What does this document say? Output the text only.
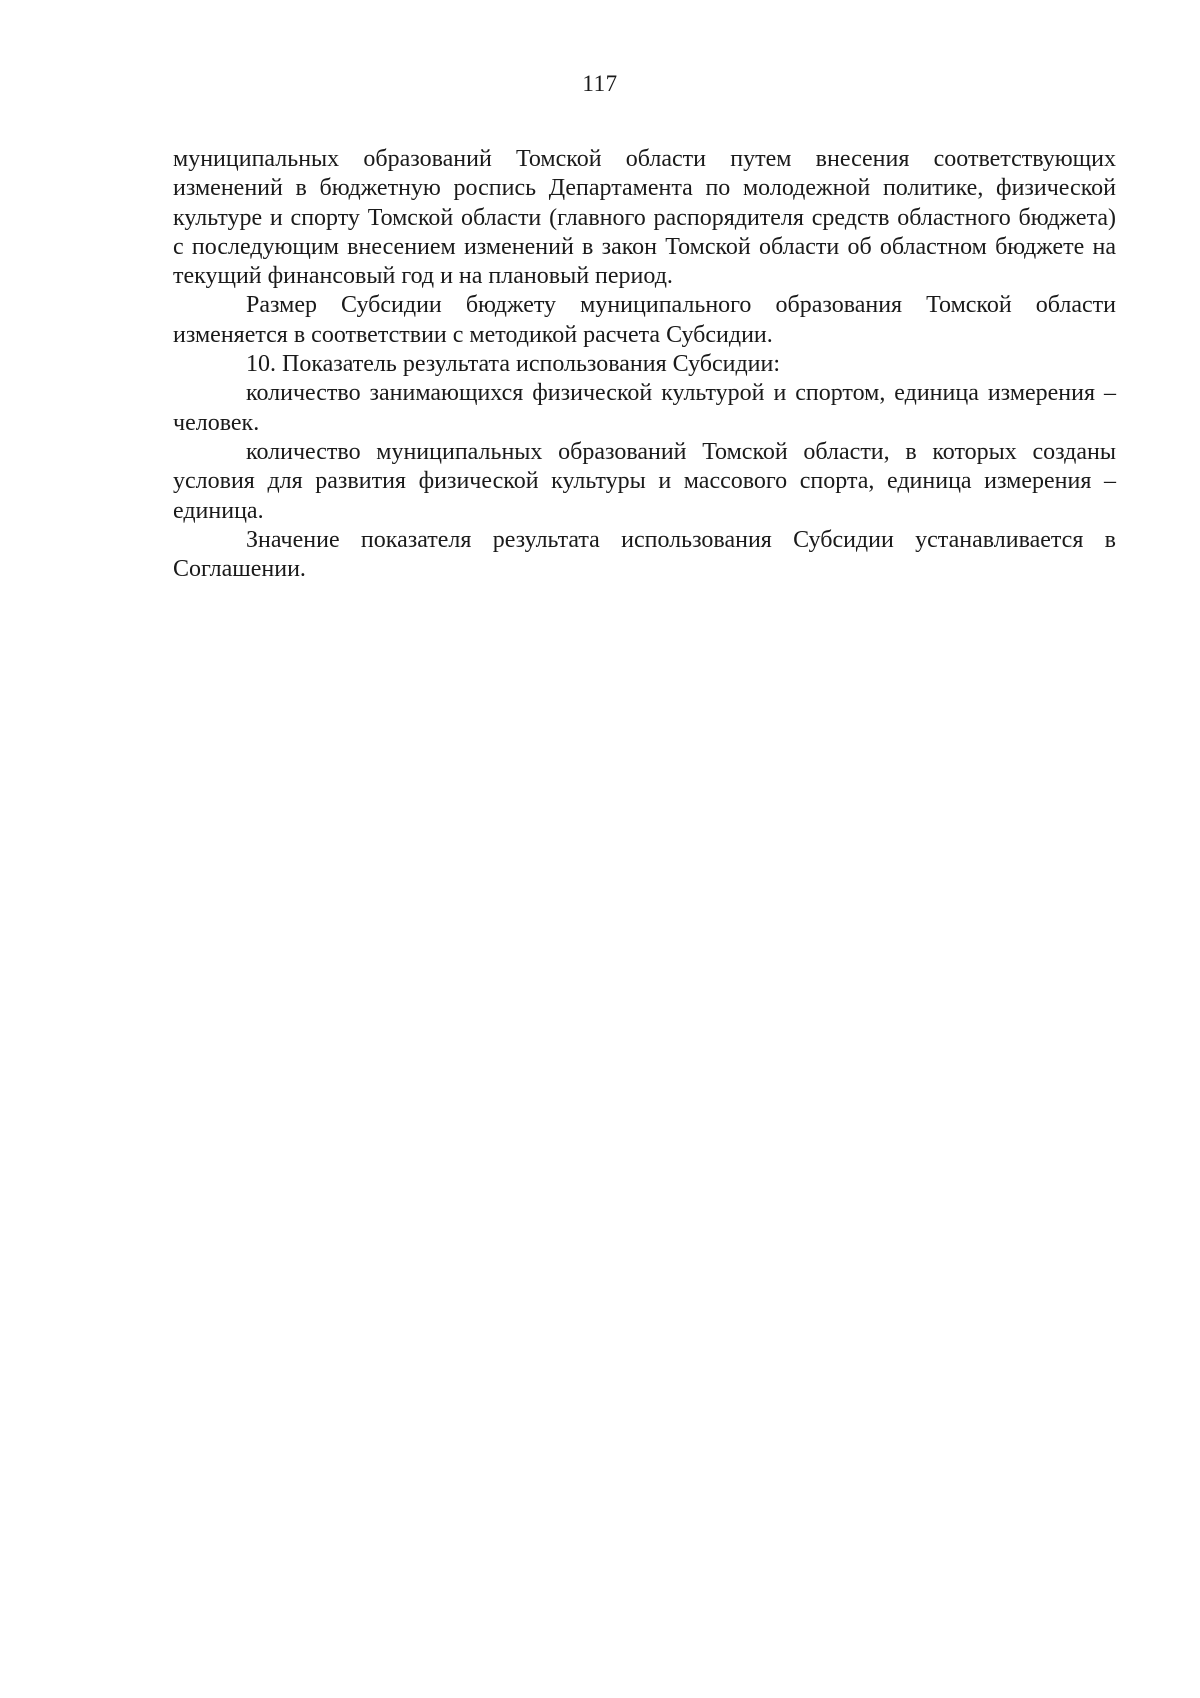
117

муниципальных образований Томской области путем внесения соответствующих изменений в бюджетную роспись Департамента по молодежной политике, физической культуре и спорту Томской области (главного распорядителя средств областного бюджета) с последующим внесением изменений в закон Томской области об областном бюджете на текущий финансовый год и на плановый период.

Размер Субсидии бюджету муниципального образования Томской области изменяется в соответствии с методикой расчета Субсидии.

10. Показатель результата использования Субсидии:

количество занимающихся физической культурой и спортом, единица измерения – человек.

количество муниципальных образований Томской области, в которых созданы условия для развития физической культуры и массового спорта, единица измерения – единица.

Значение показателя результата использования Субсидии устанавливается в Соглашении.
